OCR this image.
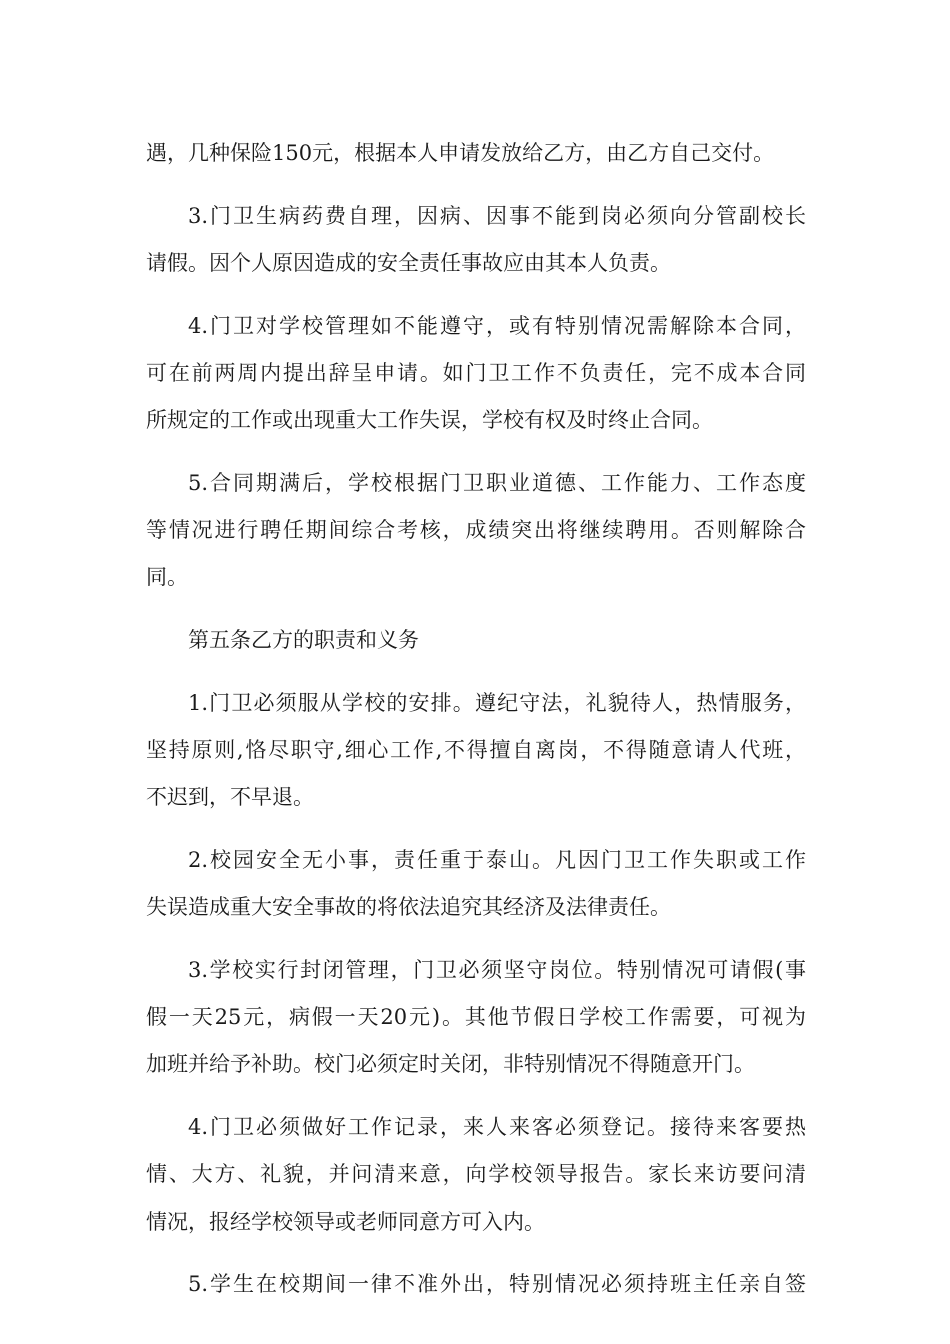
遇，几种保险150元，根据本人申请发放给乙方，由乙方自己交付。
3.门卫生病药费自理，因病、因事不能到岗必须向分管副校长
请假。因个人原因造成的安全责任事故应由其本人负责。
4.门卫对学校管理如不能遵守，或有特别情况需解除本合同，
可在前两周内提出辞呈申请。如门卫工作不负责任，完不成本合同
所规定的工作或出现重大工作失误，学校有权及时终止合同。
5.合同期满后，学校根据门卫职业道德、工作能力、工作态度
等情况进行聘任期间综合考核，成绩突出将继续聘用。否则解除合
同。
第五条乙方的职责和义务
1.门卫必须服从学校的安排。遵纪守法，礼貌待人，热情服务，
坚持原则,恪尽职守,细心工作,不得擅自离岗，不得随意请人代班，
不迟到，不早退。
2.校园安全无小事，责任重于泰山。凡因门卫工作失职或工作
失误造成重大安全事故的将依法追究其经济及法律责任。
3.学校实行封闭管理，门卫必须坚守岗位。特别情况可请假(事
假一天25元，病假一天20元)。其他节假日学校工作需要，可视为
加班并给予补助。校门必须定时关闭，非特别情况不得随意开门。
4.门卫必须做好工作记录，来人来客必须登记。接待来客要热
情、大方、礼貌，并问清来意，向学校领导报告。家长来访要问清
情况，报经学校领导或老师同意方可入内。
5.学生在校期间一律不准外出，特别情况必须持班主任亲自签
